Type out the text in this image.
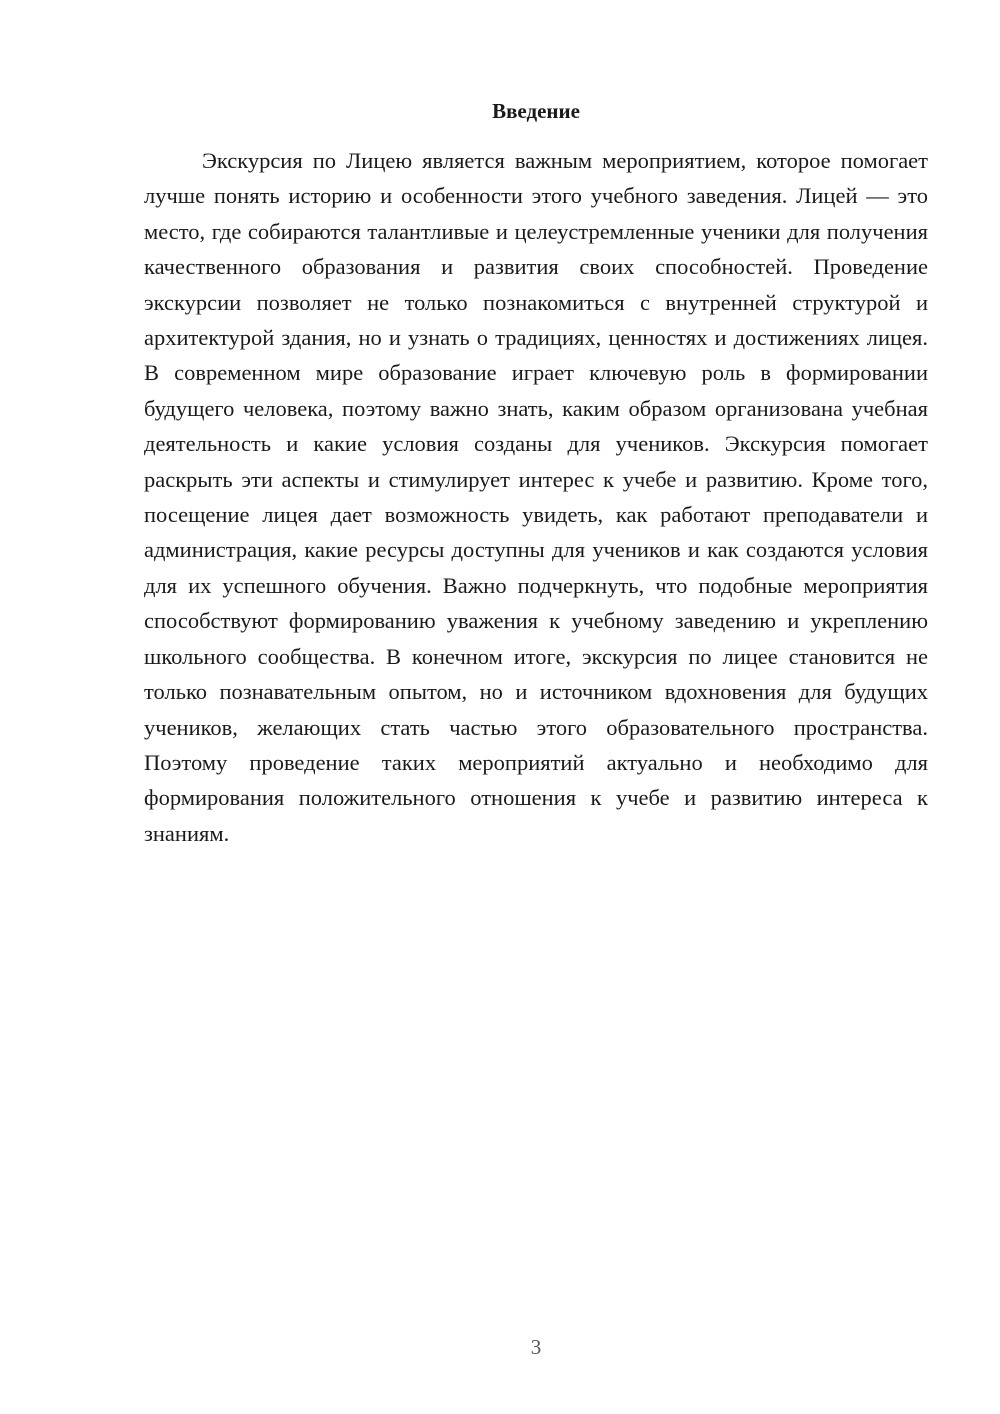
Введение

Экскурсия по Лицею является важным мероприятием, которое помогает лучше понять историю и особенности этого учебного заведения. Лицей — это место, где собираются талантливые и целеустремленные ученики для получения качественного образования и развития своих способностей. Проведение экскурсии позволяет не только познакомиться с внутренней структурой и архитектурой здания, но и узнать о традициях, ценностях и достижениях лицея. В современном мире образование играет ключевую роль в формировании будущего человека, поэтому важно знать, каким образом организована учебная деятельность и какие условия созданы для учеников. Экскурсия помогает раскрыть эти аспекты и стимулирует интерес к учебе и развитию. Кроме того, посещение лицея дает возможность увидеть, как работают преподаватели и администрация, какие ресурсы доступны для учеников и как создаются условия для их успешного обучения. Важно подчеркнуть, что подобные мероприятия способствуют формированию уважения к учебному заведению и укреплению школьного сообщества. В конечном итоге, экскурсия по лицее становится не только познавательным опытом, но и источником вдохновения для будущих учеников, желающих стать частью этого образовательного пространства. Поэтому проведение таких мероприятий актуально и необходимо для формирования положительного отношения к учебе и развитию интереса к знаниям.

3
